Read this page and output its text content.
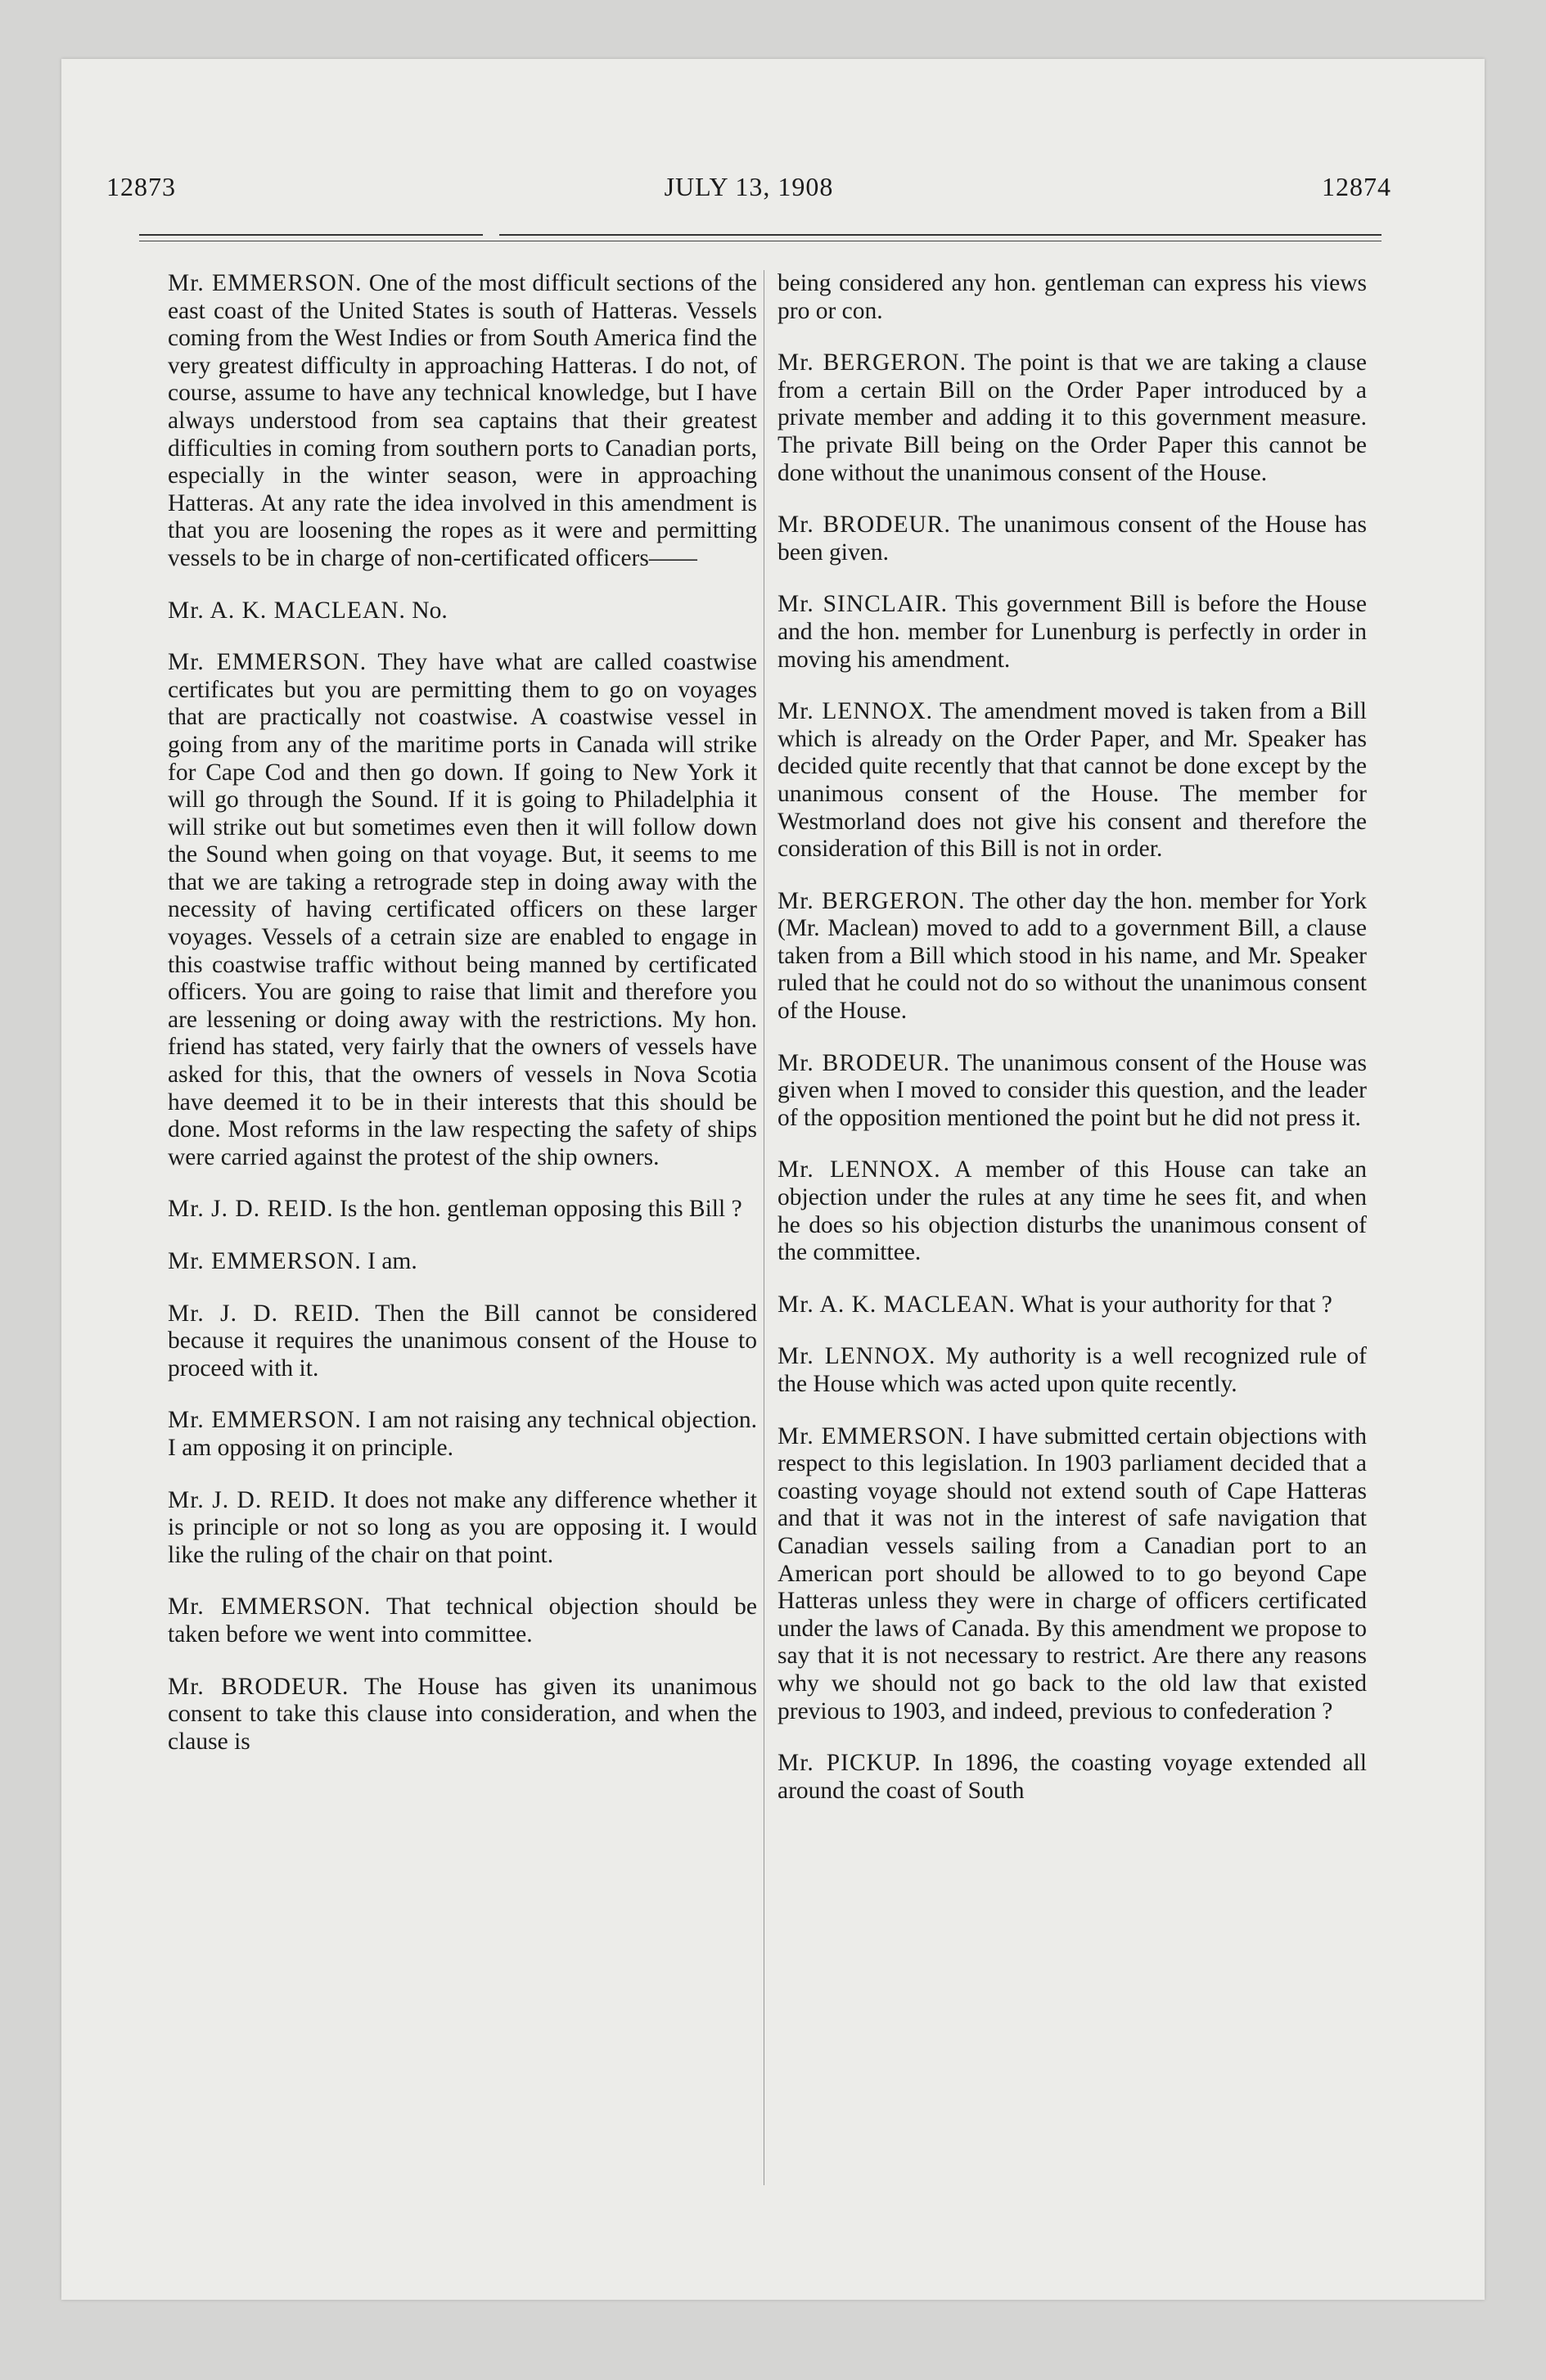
12873	JULY 13, 1908	12874

Mr. EMMERSON. One of the most difficult sections of the east coast of the United States is south of Hatteras. Vessels coming from the West Indies or from South America find the very greatest difficulty in approaching Hatteras. I do not, of course, assume to have any technical knowledge, but I have always understood from sea captains that their greatest difficulties in coming from southern ports to Canadian ports, especially in the winter season, were in approaching Hatteras. At any rate the idea involved in this amendment is that you are loosening the ropes as it were and permitting vessels to be in charge of non-certificated officers——

Mr. A. K. MACLEAN. No.

Mr. EMMERSON. They have what are called coastwise certificates but you are permitting them to go on voyages that are practically not coastwise. A coastwise vessel in going from any of the maritime ports in Canada will strike for Cape Cod and then go down. If going to New York it will go through the Sound. If it is going to Philadelphia it will strike out but sometimes even then it will follow down the Sound when going on that voyage. But, it seems to me that we are taking a retrograde step in doing away with the necessity of having certificated officers on these larger voyages. Vessels of a cetrain size are enabled to engage in this coastwise traffic without being manned by certificated officers. You are going to raise that limit and therefore you are lessening or doing away with the restrictions. My hon. friend has stated, very fairly that the owners of vessels have asked for this, that the owners of vessels in Nova Scotia have deemed it to be in their interests that this should be done. Most reforms in the law respecting the safety of ships were carried against the protest of the ship owners.

Mr. J. D. REID. Is the hon. gentleman opposing this Bill ?

Mr. EMMERSON. I am.

Mr. J. D. REID. Then the Bill cannot be considered because it requires the unanimous consent of the House to proceed with it.

Mr. EMMERSON. I am not raising any technical objection. I am opposing it on principle.

Mr. J. D. REID. It does not make any difference whether it is principle or not so long as you are opposing it. I would like the ruling of the chair on that point.

Mr. EMMERSON. That technical objection should be taken before we went into committee.

Mr. BRODEUR. The House has given its unanimous consent to take this clause into consideration, and when the clause is

being considered any hon. gentleman can express his views pro or con.

Mr. BERGERON. The point is that we are taking a clause from a certain Bill on the Order Paper introduced by a private member and adding it to this government measure. The private Bill being on the Order Paper this cannot be done without the unanimous consent of the House.

Mr. BRODEUR. The unanimous consent of the House has been given.

Mr. SINCLAIR. This government Bill is before the House and the hon. member for Lunenburg is perfectly in order in moving his amendment.

Mr. LENNOX. The amendment moved is taken from a Bill which is already on the Order Paper, and Mr. Speaker has decided quite recently that that cannot be done except by the unanimous consent of the House. The member for Westmorland does not give his consent and therefore the consideration of this Bill is not in order.

Mr. BERGERON. The other day the hon. member for York (Mr. Maclean) moved to add to a government Bill, a clause taken from a Bill which stood in his name, and Mr. Speaker ruled that he could not do so without the unanimous consent of the House.

Mr. BRODEUR. The unanimous consent of the House was given when I moved to consider this question, and the leader of the opposition mentioned the point but he did not press it.

Mr. LENNOX. A member of this House can take an objection under the rules at any time he sees fit, and when he does so his objection disturbs the unanimous consent of the committee.

Mr. A. K. MACLEAN. What is your authority for that ?

Mr. LENNOX. My authority is a well recognized rule of the House which was acted upon quite recently.

Mr. EMMERSON. I have submitted certain objections with respect to this legislation. In 1903 parliament decided that a coasting voyage should not extend south of Cape Hatteras and that it was not in the interest of safe navigation that Canadian vessels sailing from a Canadian port to an American port should be allowed to to go beyond Cape Hatteras unless they were in charge of officers certificated under the laws of Canada. By this amendment we propose to say that it is not necessary to restrict. Are there any reasons why we should not go back to the old law that existed previous to 1903, and indeed, previous to confederation ?

Mr. PICKUP. In 1896, the coasting voyage extended all around the coast of South
